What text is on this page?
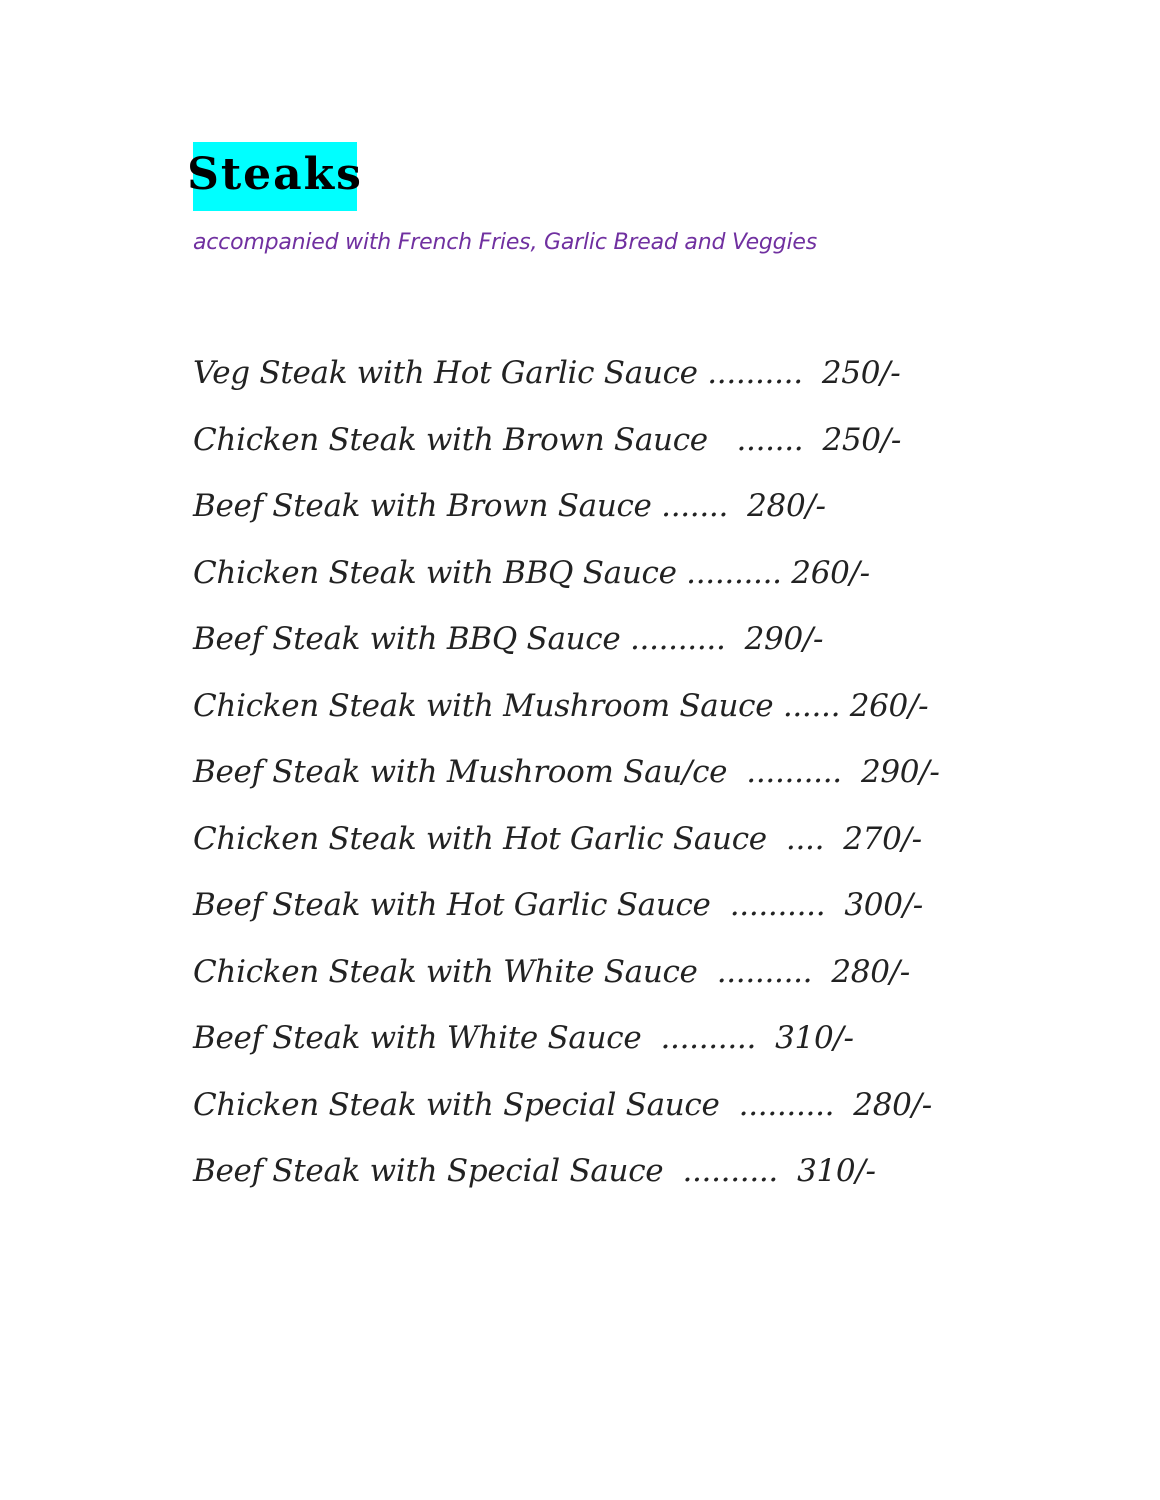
Steaks
accompanied with French Fries, Garlic Bread and Veggies
Veg Steak with Hot Garlic Sauce ..........  250/-
Chicken Steak with Brown Sauce   .......  250/-
Beef Steak with Brown Sauce .......  280/-
Chicken Steak with BBQ Sauce .......... 260/-
Beef Steak with BBQ Sauce ..........  290/-
Chicken Steak with Mushroom Sauce ...... 260/-
Beef Steak with Mushroom Sau/ce  ..........  290/-
Chicken Steak with Hot Garlic Sauce  ....  270/-
Beef Steak with Hot Garlic Sauce  ..........  300/-
Chicken Steak with White Sauce  ..........  280/-
Beef Steak with White Sauce  ..........  310/-
Chicken Steak with Special Sauce  ..........  280/-
Beef Steak with Special Sauce  ..........  310/-
